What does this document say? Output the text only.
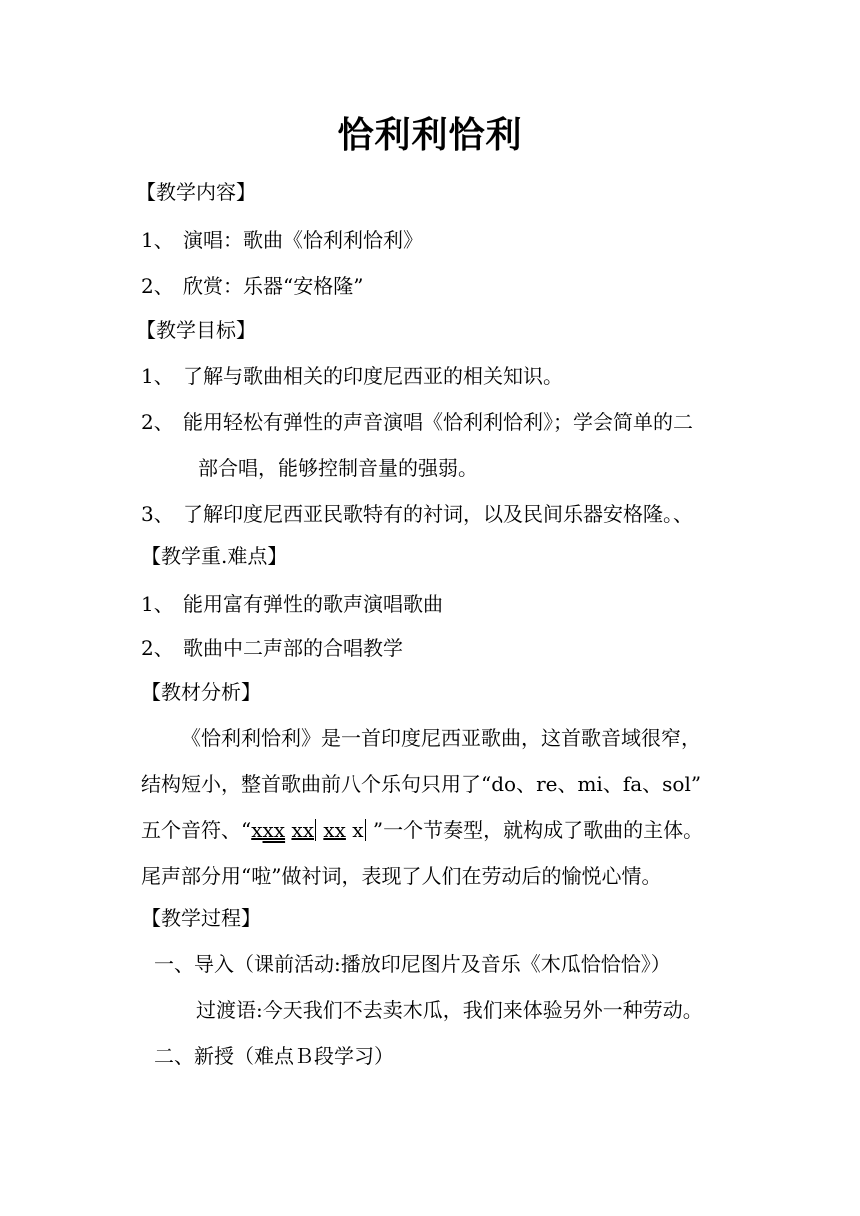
恰利利恰利
【教学内容】
1、 演唱：歌曲《恰利利恰利》
2、 欣赏：乐器“安格隆”
【教学目标】
1、 了解与歌曲相关的印度尼西亚的相关知识。
2、 能用轻松有弹性的声音演唱《恰利利恰利》；学会简单的二
部合唱，能够控制音量的强弱。
3、 了解印度尼西亚民歌特有的衬词，以及民间乐器安格隆。、
【教学重.难点】
1、 能用富有弹性的歌声演唱歌曲
2、 歌曲中二声部的合唱教学
【教材分析】
《恰利利恰利》是一首印度尼西亚歌曲，这首歌音域很窄，
结构短小，整首歌曲前八个乐句只用了“do、re、mi、fa、sol”
五个音符、“xxx xx xx x ”一个节奏型，就构成了歌曲的主体。
尾声部分用“啦”做衬词，表现了人们在劳动后的愉悦心情。
【教学过程】
一、导入（课前活动:播放印尼图片及音乐《木瓜恰恰恰》）
过渡语:今天我们不去卖木瓜，我们来体验另外一种劳动。
二、新授（难点Ｂ段学习）
